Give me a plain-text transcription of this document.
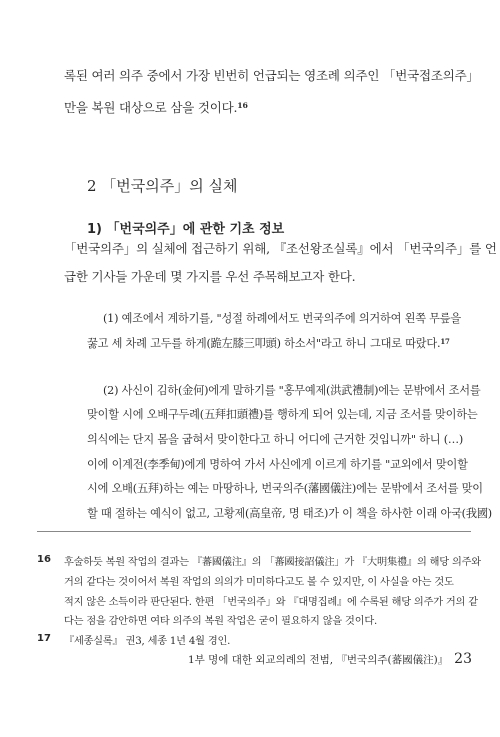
록된 여러 의주 중에서 가장 빈번히 언급되는 영조례 의주인 「번국접조의주」
만을 복원 대상으로 삼을 것이다.$^{16}$
2 「번국의주」의 실체
1) 「번국의주」에 관한 기초 정보
「번국의주」의 실체에 접근하기 위해, 『조선왕조실록』에서 「번국의주」를 언
급한 기사들 가운데 몇 가지를 우선 주목해보고자 한다.
(1) 예조에서 계하기를, "성절 하례에서도 번국의주에 의거하여 왼쪽 무릎을
꿇고 세 차례 고두를 하게(跪左膝三叩頭) 하소서"라고 하니 그대로 따랐다.$^{17}$
(2) 사신이 김하(金何)에게 말하기를 "홍무예제(洪武禮制)에는 문밖에서 조서를
맞이할 시에 오배구두례(五拜扣頭禮)를 행하게 되어 있는데, 지금 조서를 맞이하는
의식에는 단지 몸을 굽혀서 맞이한다고 하니 어디에 근거한 것입니까" 하니 (…)
이에 이계전(李季甸)에게 명하여 가서 사신에게 이르게 하기를 "교외에서 맞이할
시에 오배(五拜)하는 예는 마땅하나, 번국의주(藩國儀注)에는 문밖에서 조서를 맞이
할 때 절하는 예식이 없고, 고황제(高皇帝, 명 태조)가 이 책을 하사한 이래 아국(我國)
16 후술하듯 복원 작업의 결과는 『蕃國儀注』의 「蕃國接詔儀注」가 『大明集禮』의 해당 의주와
거의 같다는 것이어서 복원 작업의 의의가 미미하다고도 볼 수 있지만, 이 사실을 아는 것도
적지 않은 소득이라 판단된다. 한편 「번국의주」와 『대명집례』에 수록된 해당 의주가 거의 같
다는 점을 감안하면 여타 의주의 복원 작업은 굳이 필요하지 않을 것이다.
17 『세종실록』 권3, 세종 1년 4월 경인.
1부 명에 대한 외교의례의 전범, 『번국의주(蕃國儀注)』 23
